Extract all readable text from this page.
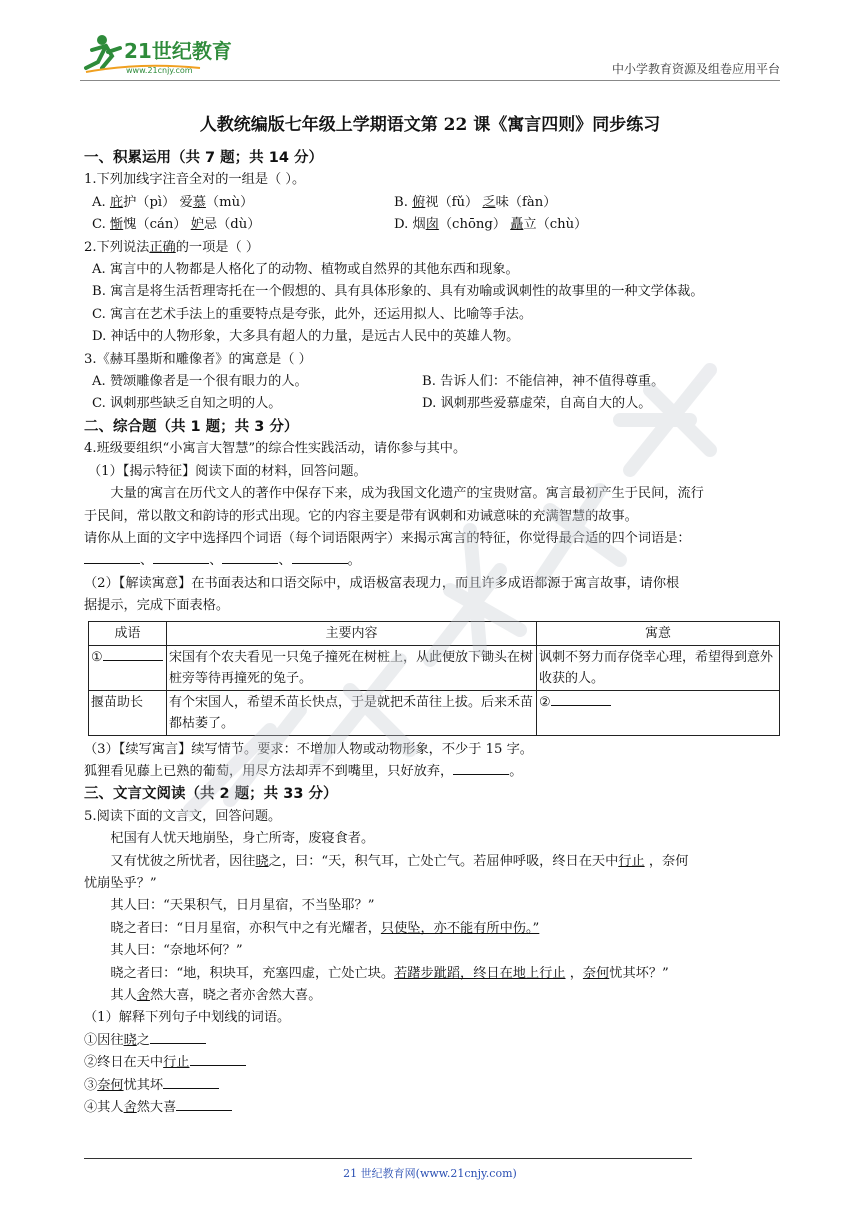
21世纪教育
www.21cnjy.com	中小学教育资源及组卷应用平台
人教统编版七年级上学期语文第 22 课《寓言四则》同步练习
一、积累运用（共 7 题；共 14 分）
1.下列加线字注音全对的一组是（ ）。
A. 庇护（pì） 爱慕（mù）	B. 俯视（fǔ） 乏味（fàn）
C. 惭愧（cán） 妒忌（dù）	D. 烟囱（chōng） 矗立（chù）
2.下列说法正确的一项是（ ）
A. 寓言中的人物都是人格化了的动物、植物或自然界的其他东西和现象。
B. 寓言是将生活哲理寄托在一个假想的、具有具体形象的、具有劝喻或讽刺性的故事里的一种文学体裁。
C. 寓言在艺术手法上的重要特点是夸张，此外，还运用拟人、比喻等手法。
D. 神话中的人物形象，大多具有超人的力量，是远古人民中的英雄人物。
3.《赫耳墨斯和雕像者》的寓意是（ ）
A. 赞颂雕像者是一个很有眼力的人。	B. 告诉人们：不能信神，神不值得尊重。
C. 讽刺那些缺乏自知之明的人。	D. 讽刺那些爱慕虚荣，自高自大的人。
二、综合题（共 1 题；共 3 分）
4.班级要组织“小寓言大智慧”的综合性实践活动，请你参与其中。
（1）【揭示特征】阅读下面的材料，回答问题。
大量的寓言在历代文人的著作中保存下来，成为我国文化遗产的宝贵财富。寓言最初产生于民间，流行
于民间，常以散文和韵诗的形式出现。它的内容主要是带有讽刺和劝诫意味的充满智慧的故事。
请你从上面的文字中选择四个词语（每个词语限两字）来揭示寓言的特征，你觉得最合适的四个词语是：
、	、	、	。
（2）【解读寓意】在书面表达和口语交际中，成语极富表现力，而且许多成语都源于寓言故事，请你根
据提示，完成下面表格。
成语	主要内容	寓意
①	宋国有个农夫看见一只兔子撞死在树桩上，从此便放下锄头在树桩旁等待再撞死的兔子。	讽刺不努力而存侥幸心理，希望得到意外收获的人。
揠苗助长	有个宋国人，希望禾苗长快点，于是就把禾苗往上拔。后来禾苗都枯萎了。	②
（3）【续写寓言】续写情节。要求：不增加人物或动物形象，不少于 15 字。
狐狸看见藤上已熟的葡萄，用尽方法却弄不到嘴里，只好放弃，	。
三、文言文阅读（共 2 题；共 33 分）
5.阅读下面的文言文，回答问题。
杞国有人忧天地崩坠，身亡所寄，废寝食者。
又有忧彼之所忧者，因往晓之，曰：“天，积气耳，亡处亡气。若屈伸呼吸，终日在天中行止 ，奈何
忧崩坠乎？”
其人曰：“天果积气，日月星宿，不当坠耶？”
晓之者曰：“日月星宿，亦积气中之有光耀者，只使坠，亦不能有所中伤。”
其人曰：“奈地坏何？”
晓之者曰：“地，积块耳，充塞四虚，亡处亡块。若躇步跐蹈，终日在地上行止 ，奈何忧其坏？”
其人舍然大喜，晓之者亦舍然大喜。
（1）解释下列句子中划线的词语。
①因往晓之
②终日在天中行止
③奈何忧其坏
④其人舍然大喜
21 世纪教育网(www.21cnjy.com)
